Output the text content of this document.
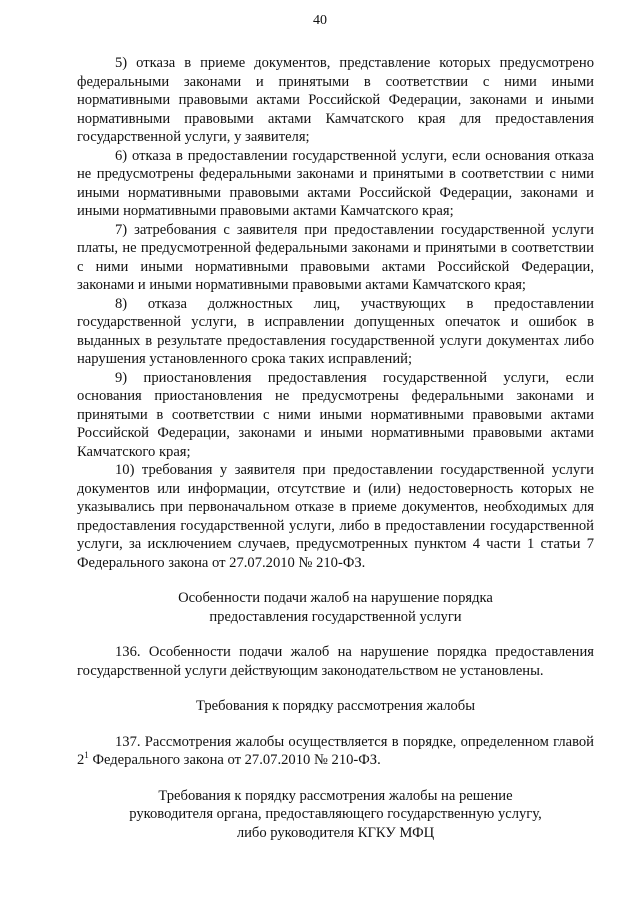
40

5) отказа в приеме документов, представление которых предусмотрено федеральными законами и принятыми в соответствии с ними иными нормативными правовыми актами Российской Федерации, законами и иными нормативными правовыми актами Камчатского края для предоставления государственной услуги, у заявителя;

6) отказа в предоставлении государственной услуги, если основания отказа не предусмотрены федеральными законами и принятыми в соответствии с ними иными нормативными правовыми актами Российской Федерации, законами и иными нормативными правовыми актами Камчатского края;

7) затребования с заявителя при предоставлении государственной услуги платы, не предусмотренной федеральными законами и принятыми в соответствии с ними иными нормативными правовыми актами Российской Федерации, законами и иными нормативными правовыми актами Камчатского края;

8) отказа должностных лиц, участвующих в предоставлении государственной услуги, в исправлении допущенных опечаток и ошибок в выданных в результате предоставления государственной услуги документах либо нарушения установленного срока таких исправлений;

9) приостановления предоставления государственной услуги, если основания приостановления не предусмотрены федеральными законами и принятыми в соответствии с ними иными нормативными правовыми актами Российской Федерации, законами и иными нормативными правовыми актами Камчатского края;

10) требования у заявителя при предоставлении государственной услуги документов или информации, отсутствие и (или) недостоверность которых не указывались при первоначальном отказе в приеме документов, необходимых для предоставления государственной услуги, либо в предоставлении государственной услуги, за исключением случаев, предусмотренных пунктом 4 части 1 статьи 7 Федерального закона от 27.07.2010 № 210-ФЗ.

Особенности подачи жалоб на нарушение порядка
предоставления государственной услуги

136. Особенности подачи жалоб на нарушение порядка предоставления государственной услуги действующим законодательством не установлены.

Требования к порядку рассмотрения жалобы

137. Рассмотрения жалобы осуществляется в порядке, определенном главой $2^1$ Федерального закона от 27.07.2010 № 210-ФЗ.

Требования к порядку рассмотрения жалобы на решение
руководителя органа, предоставляющего государственную услугу,
либо руководителя КГКУ МФЦ
